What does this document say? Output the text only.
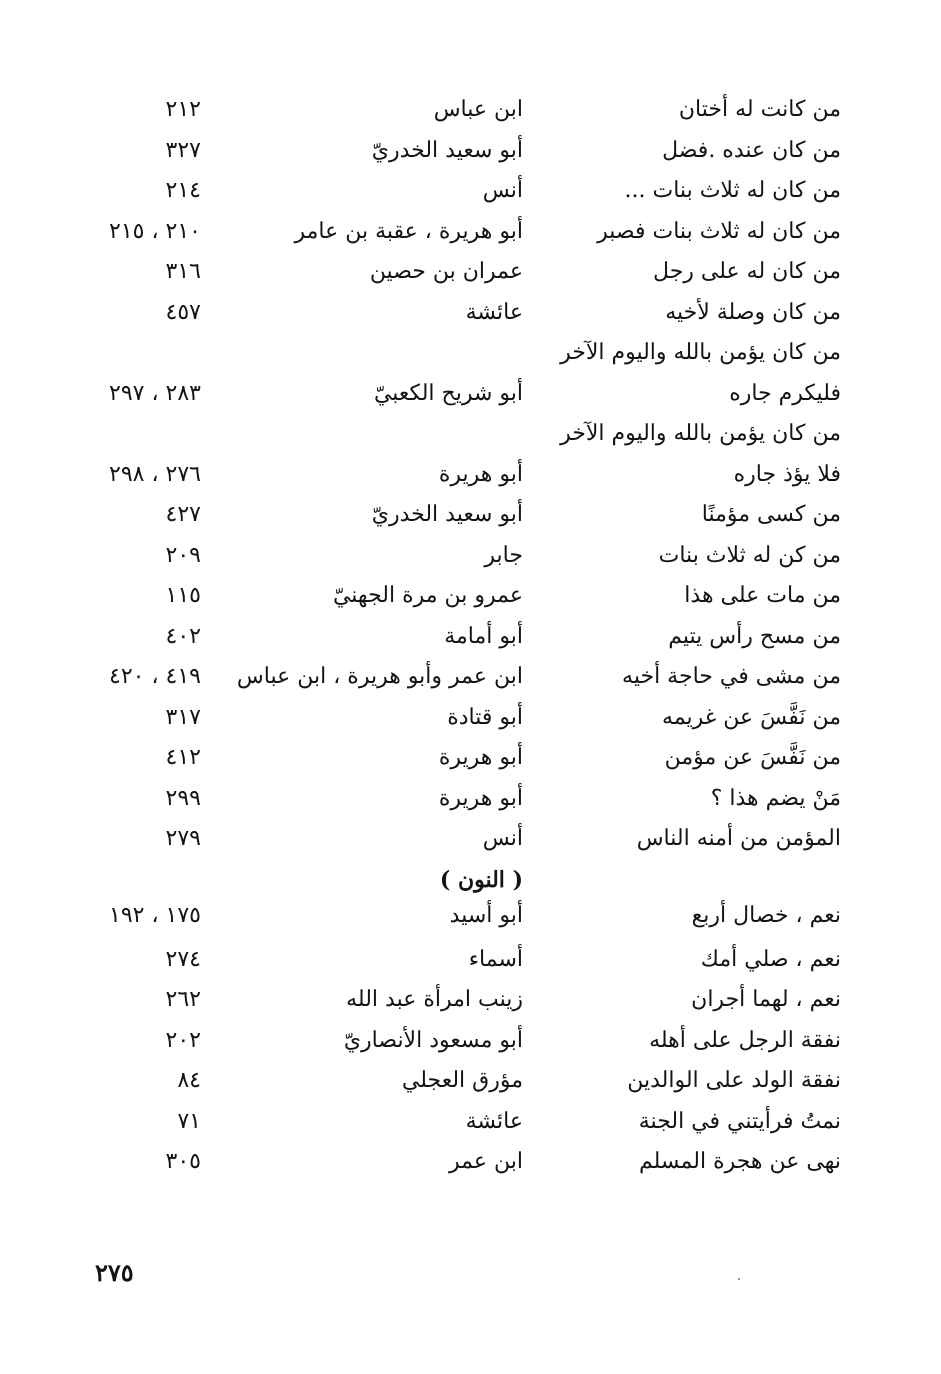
من كانت له أختان
ابن عباس
٢١٢
من كان عنده .فضل
أبو سعيد الخدريّ
٣٢٧
من كان له ثلاث بنات ...
أنس
٢١٤
من كان له ثلاث بنات فصبر
أبو هريرة ، عقبة بن عامر
٢١٠ ، ٢١٥
من كان له على رجل
عمران بن حصين
٣١٦
من كان وصلة لأخيه
عائشة
٤٥٧
من كان يؤمن بالله واليوم الآخر
فليكرم جاره
أبو شريح الكعبيّ
٢٨٣ ، ٢٩٧
من كان يؤمن بالله واليوم الآخر
فلا يؤذ جاره
أبو هريرة
٢٧٦ ، ٢٩٨
من كسى مؤمنًا
أبو سعيد الخدريّ
٤٢٧
من كن له ثلاث بنات
جابر
٢٠٩
من مات على هذا
عمرو بن مرة الجهنيّ
١١٥
من مسح رأس يتيم
أبو أمامة
٤٠٢
من مشى في حاجة أخيه
ابن عمر وأبو هريرة ، ابن عباس
٤١٩ ، ٤٢٠
من نَفَّسَ عن غريمه
أبو قتادة
٣١٧
من نَفَّسَ عن مؤمن
أبو هريرة
٤١٢
مَنْ يضم هذا ؟
أبو هريرة
٢٩٩
المؤمن من أمنه الناس
أنس
٢٧٩
( النون )
نعم ، خصال أربع
أبو أسيد
١٧٥ ، ١٩٢
نعم ، صلي أمك
أسماء
٢٧٤
نعم ، لهما أجران
زينب امرأة عبد الله
٢٦٢
نفقة الرجل على أهله
أبو مسعود الأنصاريّ
٢٠٢
نفقة الولد على الوالدين
مؤرق العجلي
٨٤
نمتُ فرأيتني في الجنة
عائشة
٧١
نهى عن هجرة المسلم
ابن عمر
٣٠٥
٢٧٥
